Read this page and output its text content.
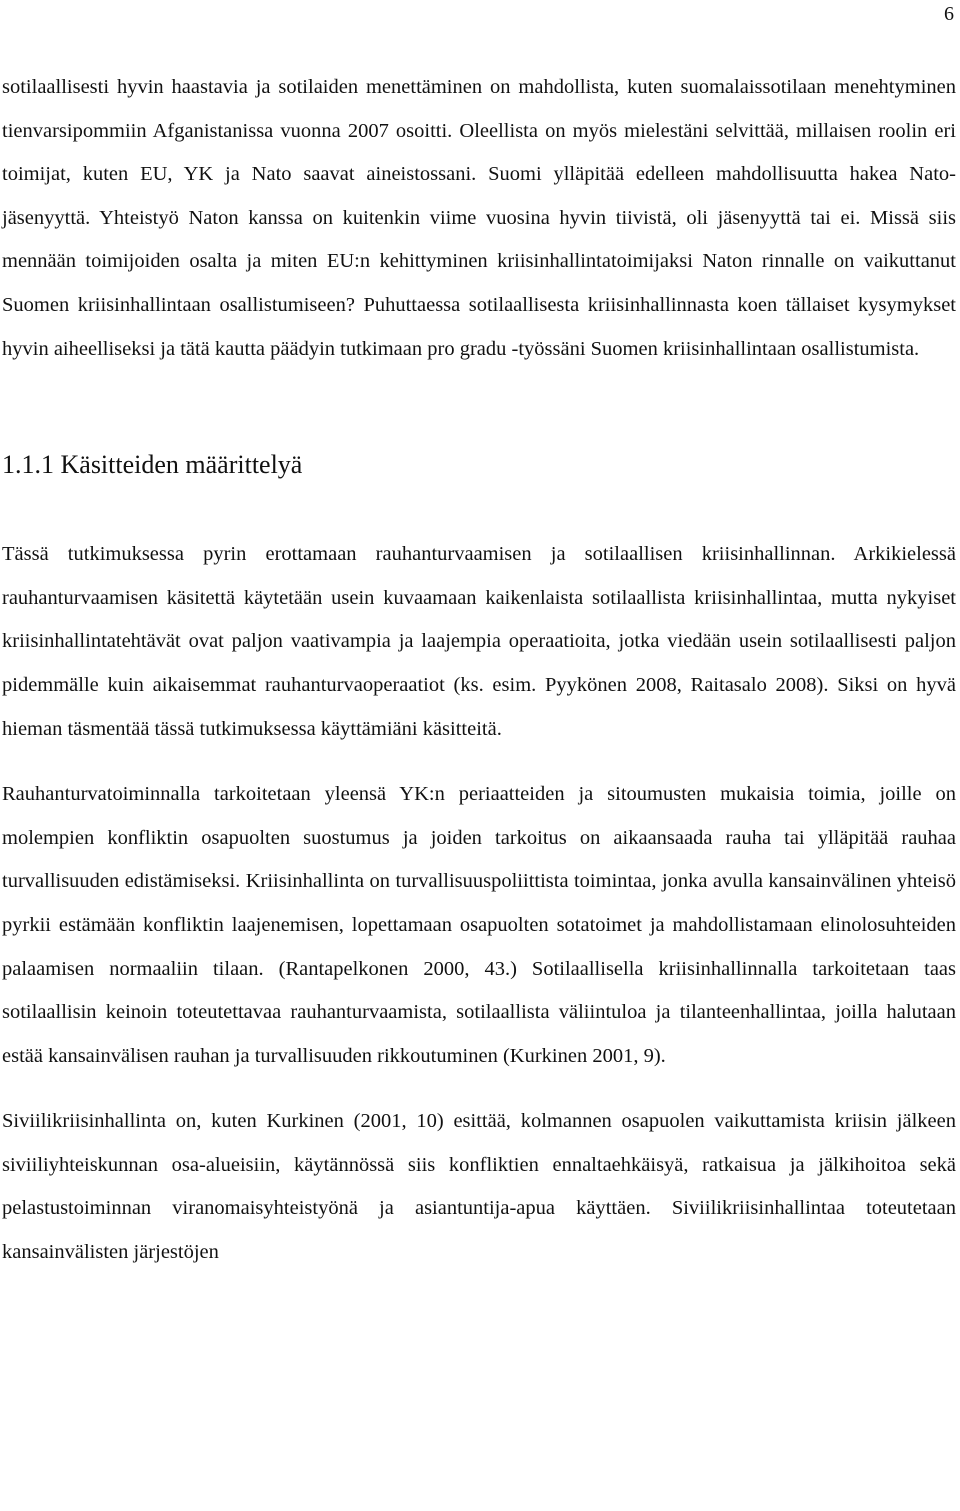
6

sotilaallisesti hyvin haastavia ja sotilaiden menettäminen on mahdollista, kuten suomalaissotilaan menehtyminen tienvarsipommiin Afganistanissa vuonna 2007 osoitti. Oleellista on myös mielestäni selvittää, millaisen roolin eri toimijat, kuten EU, YK ja Nato saavat aineistossani. Suomi ylläpitää edelleen mahdollisuutta hakea Nato-jäsenyyttä. Yhteistyö Naton kanssa on kuitenkin viime vuosina hyvin tiivistä, oli jäsenyyttä tai ei. Missä siis mennään toimijoiden osalta ja miten EU:n kehittyminen kriisinhallintatoimijaksi Naton rinnalle on vaikuttanut Suomen kriisinhallintaan osallistumiseen? Puhuttaessa sotilaallisesta kriisinhallinnasta koen tällaiset kysymykset hyvin aiheelliseksi ja tätä kautta päädyin tutkimaan pro gradu -työssäni Suomen kriisinhallintaan osallistumista.

1.1.1 Käsitteiden määrittelyä

Tässä tutkimuksessa pyrin erottamaan rauhanturvaamisen ja sotilaallisen kriisinhallinnan. Arkikielessä rauhanturvaamisen käsitettä käytetään usein kuvaamaan kaikenlaista sotilaallista kriisinhallintaa, mutta nykyiset kriisinhallintatehtävät ovat paljon vaativampia ja laajempia operaatioita, jotka viedään usein sotilaallisesti paljon pidemmälle kuin aikaisemmat rauhanturvaoperaatiot (ks. esim. Pyykönen 2008, Raitasalo 2008). Siksi on hyvä hieman täsmentää tässä tutkimuksessa käyttämiäni käsitteitä.

Rauhanturvatoiminnalla tarkoitetaan yleensä YK:n periaatteiden ja sitoumusten mukaisia toimia, joille on molempien konfliktin osapuolten suostumus ja joiden tarkoitus on aikaansaada rauha tai ylläpitää rauhaa turvallisuuden edistämiseksi. Kriisinhallinta on turvallisuuspoliittista toimintaa, jonka avulla kansainvälinen yhteisö pyrkii estämään konfliktin laajenemisen, lopettamaan osapuolten sotatoimet ja mahdollistamaan elinolosuhteiden palaamisen normaaliin tilaan. (Rantapelkonen 2000, 43.) Sotilaallisella kriisinhallinnalla tarkoitetaan taas sotilaallisin keinoin toteutettavaa rauhanturvaamista, sotilaallista väliintuloa ja tilanteenhallintaa, joilla halutaan estää kansainvälisen rauhan ja turvallisuuden rikkoutuminen (Kurkinen 2001, 9).

Siviilikriisinhallinta on, kuten Kurkinen (2001, 10) esittää, kolmannen osapuolen vaikuttamista kriisin jälkeen siviiliyhteiskunnan osa-alueisiin, käytännössä siis konfliktien ennaltaehkäisyä, ratkaisua ja jälkihoitoa sekä pelastustoiminnan viranomaisyhteistyönä ja asiantuntija-apua käyttäen. Siviilikriisinhallintaa toteutetaan kansainvälisten järjestöjen
